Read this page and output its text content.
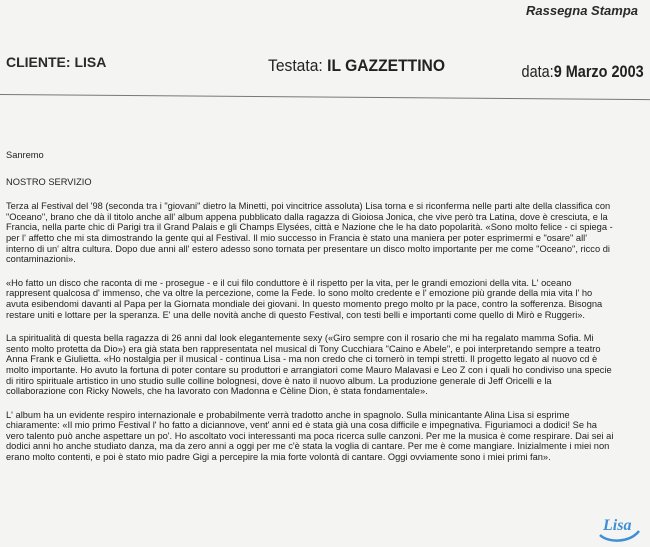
Rassegna Stampa
CLIENTE: LISA	Testata: IL GAZZETTINO	data:9 Marzo 2003

Sanremo

NOSTRO SERVIZIO

Terza al Festival del '98 (seconda tra i "giovani" dietro la Minetti, poi vincitrice assoluta) Lisa torna e si riconferma nelle parti alte della classifica con "Oceano", brano che dà il titolo anche all' album appena pubblicato dalla ragazza di Gioiosa Jonica, che vive però tra Latina, dove è cresciuta, e la Francia, nella parte chic di Parigi tra il Grand Palais e gli Champs Elysées, città e Nazione che le ha dato popolarità. «Sono molto felice - ci spiega - per l' affetto che mi sta dimostrando la gente qui al Festival. Il mio successo in Francia è stato una maniera per poter esprimermi e "osare" all' interno di un' altra cultura. Dopo due anni all' estero adesso sono tornata per presentare un disco molto importante per me come "Oceano", ricco di contaminazioni».

«Ho fatto un disco che raconta di me - prosegue - e il cui filo conduttore è il rispetto per la vita, per le grandi emozioni della vita. L' oceano rappresent qualcosa d' immenso, che va oltre la percezione, come la Fede. Io sono molto credente e l' emozione più grande della mia vita l' ho avuta esibendomi davanti al Papa per la Giornata mondiale dei giovani. In questo momento prego molto pr la pace, contro la sofferenza. Bisogna restare uniti e lottare per la speranza. E' una delle novità anche di questo Festival, con testi belli e importanti come quello di Mirò e Ruggeri».

La spiritualità di questa bella ragazza di 26 anni dal look elegantemente sexy («Giro sempre con il rosario che mi ha regalato mamma Sofia. Mi sento molto protetta da Dio») era già stata ben rappresentata nel musical di Tony Cucchiara "Caino e Abele", e poi interpretando sempre a teatro Anna Frank e Giulietta. «Ho nostalgia per il musical - continua Lisa - ma non credo che ci tornerò in tempi stretti. Il progetto legato al nuovo cd è molto importante. Ho avuto la fortuna di poter contare su produttori e arrangiatori come Mauro Malavasi e Leo Z con i quali ho condiviso una specie di ritiro spirituale artistico in uno studio sulle colline bolognesi, dove è nato il nuovo album. La produzione generale di Jeff Oricelli e la collaborazione con Ricky Nowels, che ha lavorato con Madonna e Cèline Dion, è stata fondamentale».

L' album ha un evidente respiro internazionale e probabilmente verrà tradotto anche in spagnolo. Sulla minicantante Alina Lisa si esprime chiaramente: «Il mio primo Festival l' ho fatto a diciannove, vent' anni ed è stata già una cosa difficile e impegnativa. Figuriamoci a dodici! Se ha vero talento può anche aspettare un po'. Ho ascoltato voci interessanti ma poca ricerca sulle canzoni. Per me la musica è come respirare. Dai sei ai dodici anni ho anche studiato danza, ma da zero anni a oggi per me c'è stata la voglia di cantare. Per me è come mangiare. Inizialmente i miei non erano molto contenti, e poi è stato mio padre Gigi a percepire la mia forte volontà di cantare. Oggi ovviamente sono i miei primi fan».

Lisa
